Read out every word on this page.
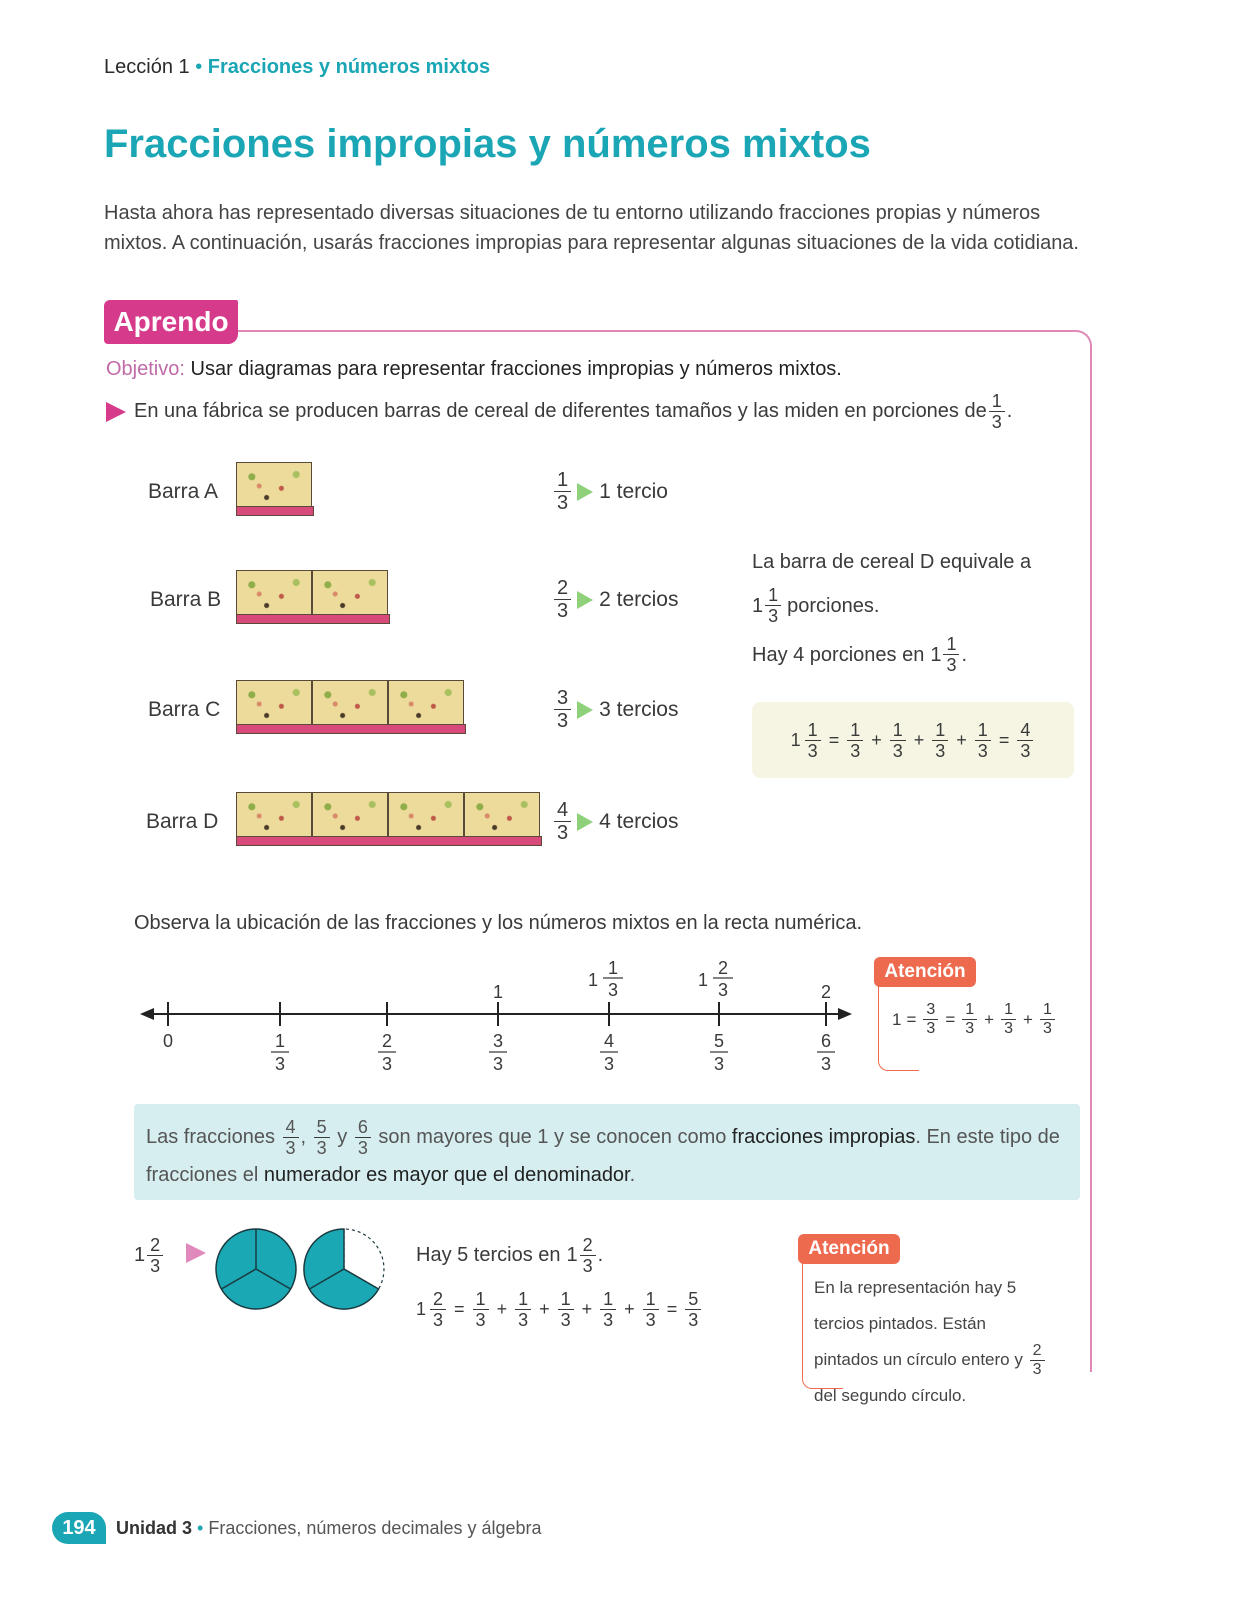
Lección 1 • Fracciones y números mixtos
Fracciones impropias y números mixtos
Hasta ahora has representado diversas situaciones de tu entorno utilizando fracciones propias y números mixtos. A continuación, usarás fracciones impropias para representar algunas situaciones de la vida cotidiana.
Aprendo
Objetivo: Usar diagramas para representar fracciones impropias y números mixtos.
En una fábrica se producen barras de cereal de diferentes tamaños y las miden en porciones de $\frac{1}{3}$ .
Barra A	$\frac{1}{3} 1$ tercio
Barra B	$\frac{2}{3} 2$ tercios
Barra C	$\frac{3}{3} 3$ tercios
Barra D	$\frac{4}{3} 4$ tercios
La barra de cereal D equivale a
$1 \frac{1}{3}$ porciones.
Hay 4 porciones en $1 \frac{1}{3}$ .
$1 \frac{1}{3} = \frac{1}{3} + \frac{1}{3} + \frac{1}{3} + \frac{1}{3} = \frac{4}{3}$
Observa la ubicación de las fracciones y los números mixtos en la recta numérica.
0	1
3
2
3
3
3
1
4
3
1
1
3
5
3
1
2
3
6
3
2
Atención
$1 = \frac{3}{3} = \frac{1}{3} + \frac{1}{3} + \frac{1}{3}$
Las fracciones $\frac{4}{3}$ , $\frac{5}{3}$ y $\frac{6}{3}$ son mayores que 1 y se conocen como fracciones impropias. En este tipo de fracciones el numerador es mayor que el denominador.
$1 \frac{2}{3}$	Hay 5 tercios en $1 \frac{2}{3}$ .
$1 \frac{2}{3} = \frac{1}{3} + \frac{1}{3} + \frac{1}{3} + \frac{1}{3} + \frac{1}{3} = \frac{5}{3}$
Atención
En la representación hay 5 tercios pintados. Están pintados un círculo entero y $\frac{2}{3}$
del segundo círculo.
194	Unidad 3 • Fracciones, números decimales y álgebra
